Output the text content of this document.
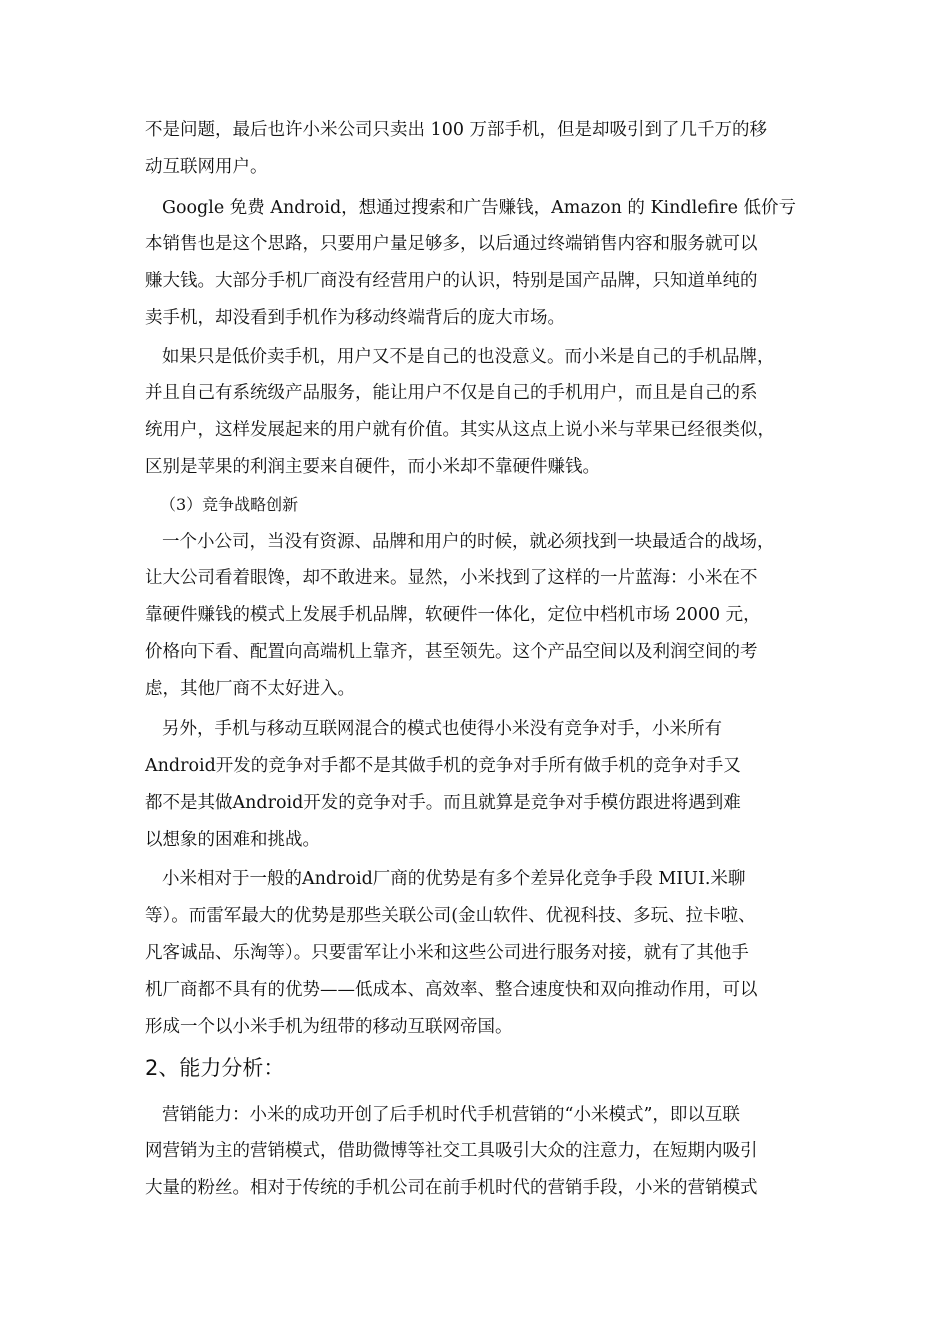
不是问题，最后也许小米公司只卖出 100 万部手机，但是却吸引到了几千万的移
动互联网用户。
Google 免费 Android，想通过搜索和广告赚钱，Amazon 的 Kindlefire 低价亏
本销售也是这个思路，只要用户量足够多，以后通过终端销售内容和服务就可以
赚大钱。大部分手机厂商没有经营用户的认识，特别是国产品牌，只知道单纯的
卖手机，却没看到手机作为移动终端背后的庞大市场。
如果只是低价卖手机，用户又不是自己的也没意义。而小米是自己的手机品牌，
并且自己有系统级产品服务，能让用户不仅是自己的手机用户，而且是自己的系
统用户，这样发展起来的用户就有价值。其实从这点上说小米与苹果已经很类似，
区别是苹果的利润主要来自硬件，而小米却不靠硬件赚钱。
（3）竞争战略创新
一个小公司，当没有资源、品牌和用户的时候，就必须找到一块最适合的战场，
让大公司看着眼馋，却不敢进来。显然，小米找到了这样的一片蓝海：小米在不
靠硬件赚钱的模式上发展手机品牌，软硬件一体化，定位中档机市场 2000 元，
价格向下看、配置向高端机上靠齐，甚至领先。这个产品空间以及利润空间的考
虑，其他厂商不太好进入。
另外，手机与移动互联网混合的模式也使得小米没有竞争对手，小米所有
Android开发的竞争对手都不是其做手机的竞争对手所有做手机的竞争对手又
都不是其做Android开发的竞争对手。而且就算是竞争对手模仿跟进将遇到难
以想象的困难和挑战。
小米相对于一般的Android厂商的优势是有多个差异化竞争手段 MIUI.米聊
等）。而雷军最大的优势是那些关联公司(金山软件、优视科技、多玩、拉卡啦、
凡客诚品、乐淘等）。只要雷军让小米和这些公司进行服务对接，就有了其他手
机厂商都不具有的优势——低成本、高效率、整合速度快和双向推动作用，可以
形成一个以小米手机为纽带的移动互联网帝国。
2、能力分析：
营销能力：小米的成功开创了后手机时代手机营销的“小米模式”，即以互联
网营销为主的营销模式，借助微博等社交工具吸引大众的注意力，在短期内吸引
大量的粉丝。相对于传统的手机公司在前手机时代的营销手段，小米的营销模式
